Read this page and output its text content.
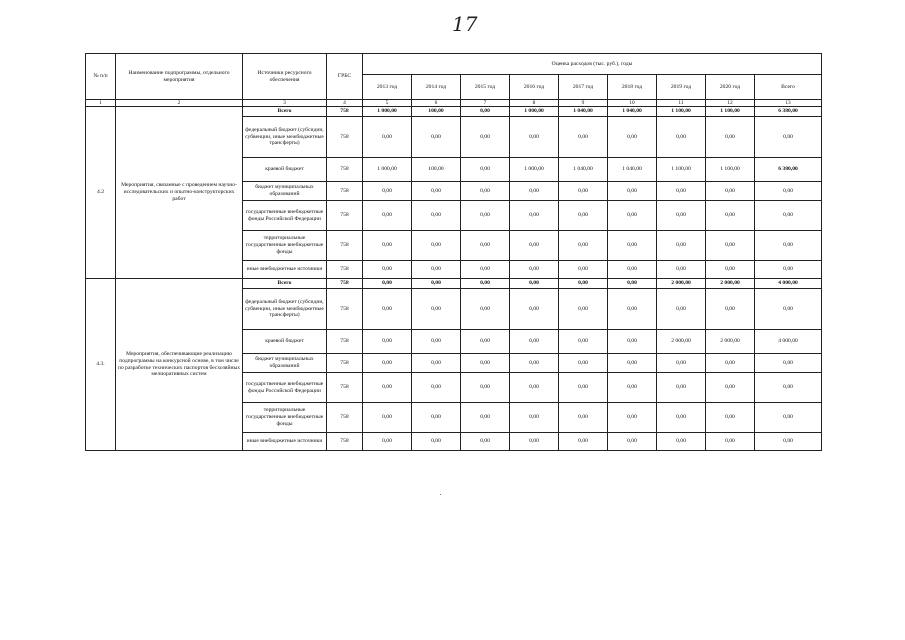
17
№ п/п	Наименование подпрограммы, отдельного мероприятия	Источники ресурсного обеспечения	ГРБС	Оценка расходов (тыс. руб.), годы								
				2013 год	2014 год	2015 год	2016 год	2017 год	2018 год	2019 год	2020 год	Всего
1	2	3	4	5	6	7	8	9	10	11	12	13
4.2	Мероприятия, связанные с проведением научно-исследовательских и опытно-конструкторских работ	Всего	758	1 000,00	100,00	0,00	1 000,00	1 040,00	1 040,00	1 100,00	1 100,00	6 380,00
		федеральный бюджет (субсидии, субвенции, иные межбюджетные трансферты)	758	0,00	0,00	0,00	0,00	0,00	0,00	0,00	0,00	0,00
		краевой бюджет	758	1 000,00	100,00	0,00	1 000,00	1 040,00	1 040,00	1 100,00	1 100,00	6 380,00
		бюджет муниципальных образований	758	0,00	0,00	0,00	0,00	0,00	0,00	0,00	0,00	0,00
		государственные внебюджетные фонды Российской Федерации	758	0,00	0,00	0,00	0,00	0,00	0,00	0,00	0,00	0,00
		территориальные государственные внебюджетные фонды	758	0,00	0,00	0,00	0,00	0,00	0,00	0,00	0,00	0,00
		иные внебюджетные источники	758	0,00	0,00	0,00	0,00	0,00	0,00	0,00	0,00	0,00
4.3.	Мероприятия, обеспечивающие реализацию подпрограммы на конкурсной основе, в том числе по разработке технических паспортов бесхозяйных мелиоративных систем	Всего	758	0,00	0,00	0,00	0,00	0,00	0,00	2 000,00	2 000,00	4 000,00
		федеральный бюджет (субсидии, субвенции, иные межбюджетные трансферты)	758	0,00	0,00	0,00	0,00	0,00	0,00	0,00	0,00	0,00
		краевой бюджет	758	0,00	0,00	0,00	0,00	0,00	0,00	2 000,00	2 000,00	4 000,00
		бюджет муниципальных образований	758	0,00	0,00	0,00	0,00	0,00	0,00	0,00	0,00	0,00
		государственные внебюджетные фонды Российской Федерации	758	0,00	0,00	0,00	0,00	0,00	0,00	0,00	0,00	0,00
		территориальные государственные внебюджетные фонды	758	0,00	0,00	0,00	0,00	0,00	0,00	0,00	0,00	0,00
		иные внебюджетные источники	758	0,00	0,00	0,00	0,00	0,00	0,00	0,00	0,00	0,00
